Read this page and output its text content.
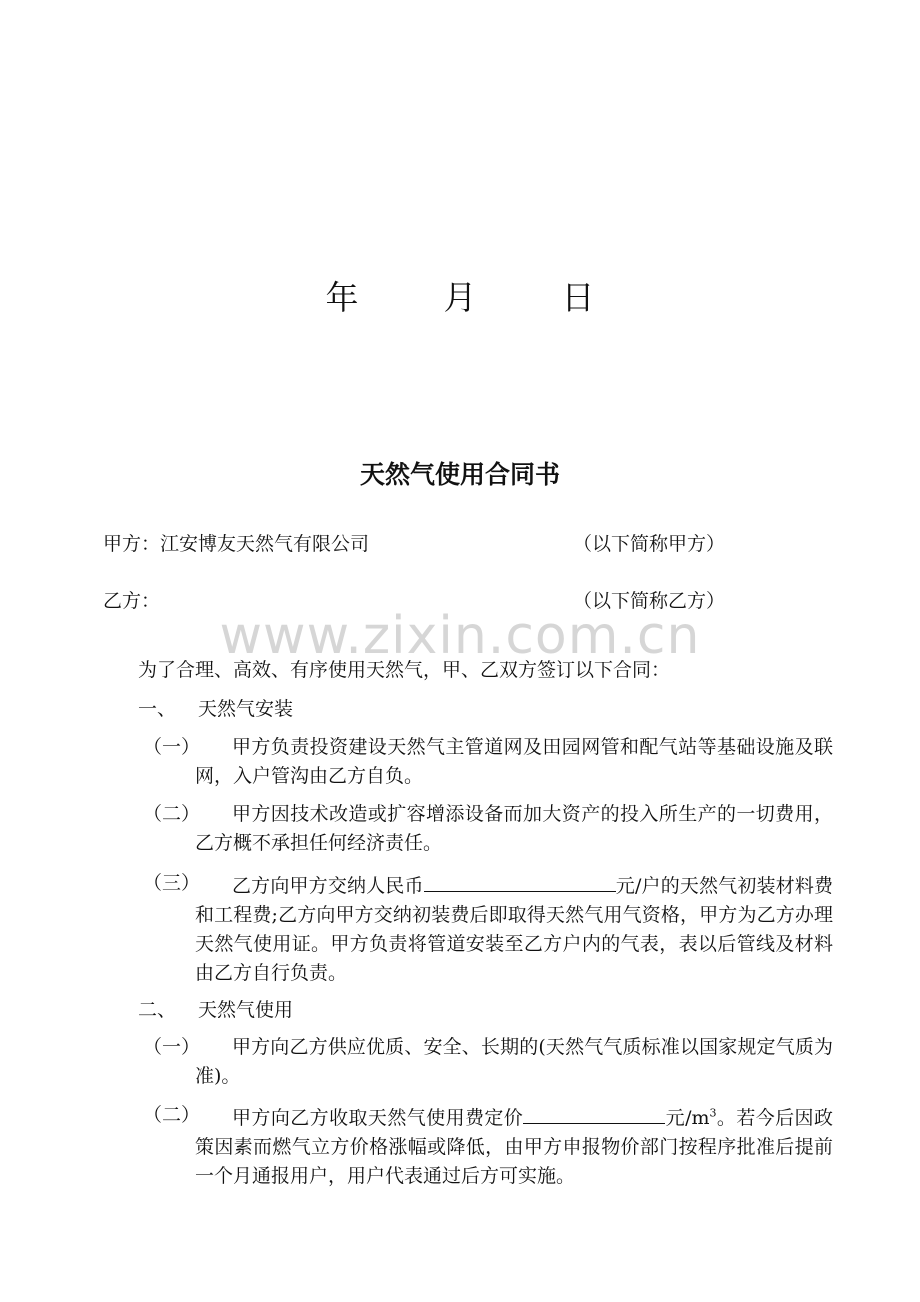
年	月	日
天然气使用合同书
甲方：江安博友天然气有限公司	（以下简称甲方）
乙方：	（以下简称乙方）
www.zixin.com.cn
为了合理、高效、有序使用天然气，甲、乙双方签订以下合同：
一、 天然气安装
（一）	甲方负责投资建设天然气主管道网及田园网管和配气站等基础设施及联网，入户管沟由乙方自负。
（二）	甲方因技术改造或扩容增添设备而加大资产的投入所生产的一切费用，乙方概不承担任何经济责任。
（三）	乙方向甲方交纳人民币	元/户的天然气初装材料费和工程费;乙方向甲方交纳初装费后即取得天然气用气资格，甲方为乙方办理天然气使用证。甲方负责将管道安装至乙方户内的气表，表以后管线及材料由乙方自行负责。
二、 天然气使用
（一）	甲方向乙方供应优质、安全、长期的(天然气气质标准以国家规定气质为准)。
（二）	甲方向乙方收取天然气使用费定价	元$/m^3$。若今后因政策因素而燃气立方价格涨幅或降低，由甲方申报物价部门按程序批准后提前一个月通报用户，用户代表通过后方可实施。
